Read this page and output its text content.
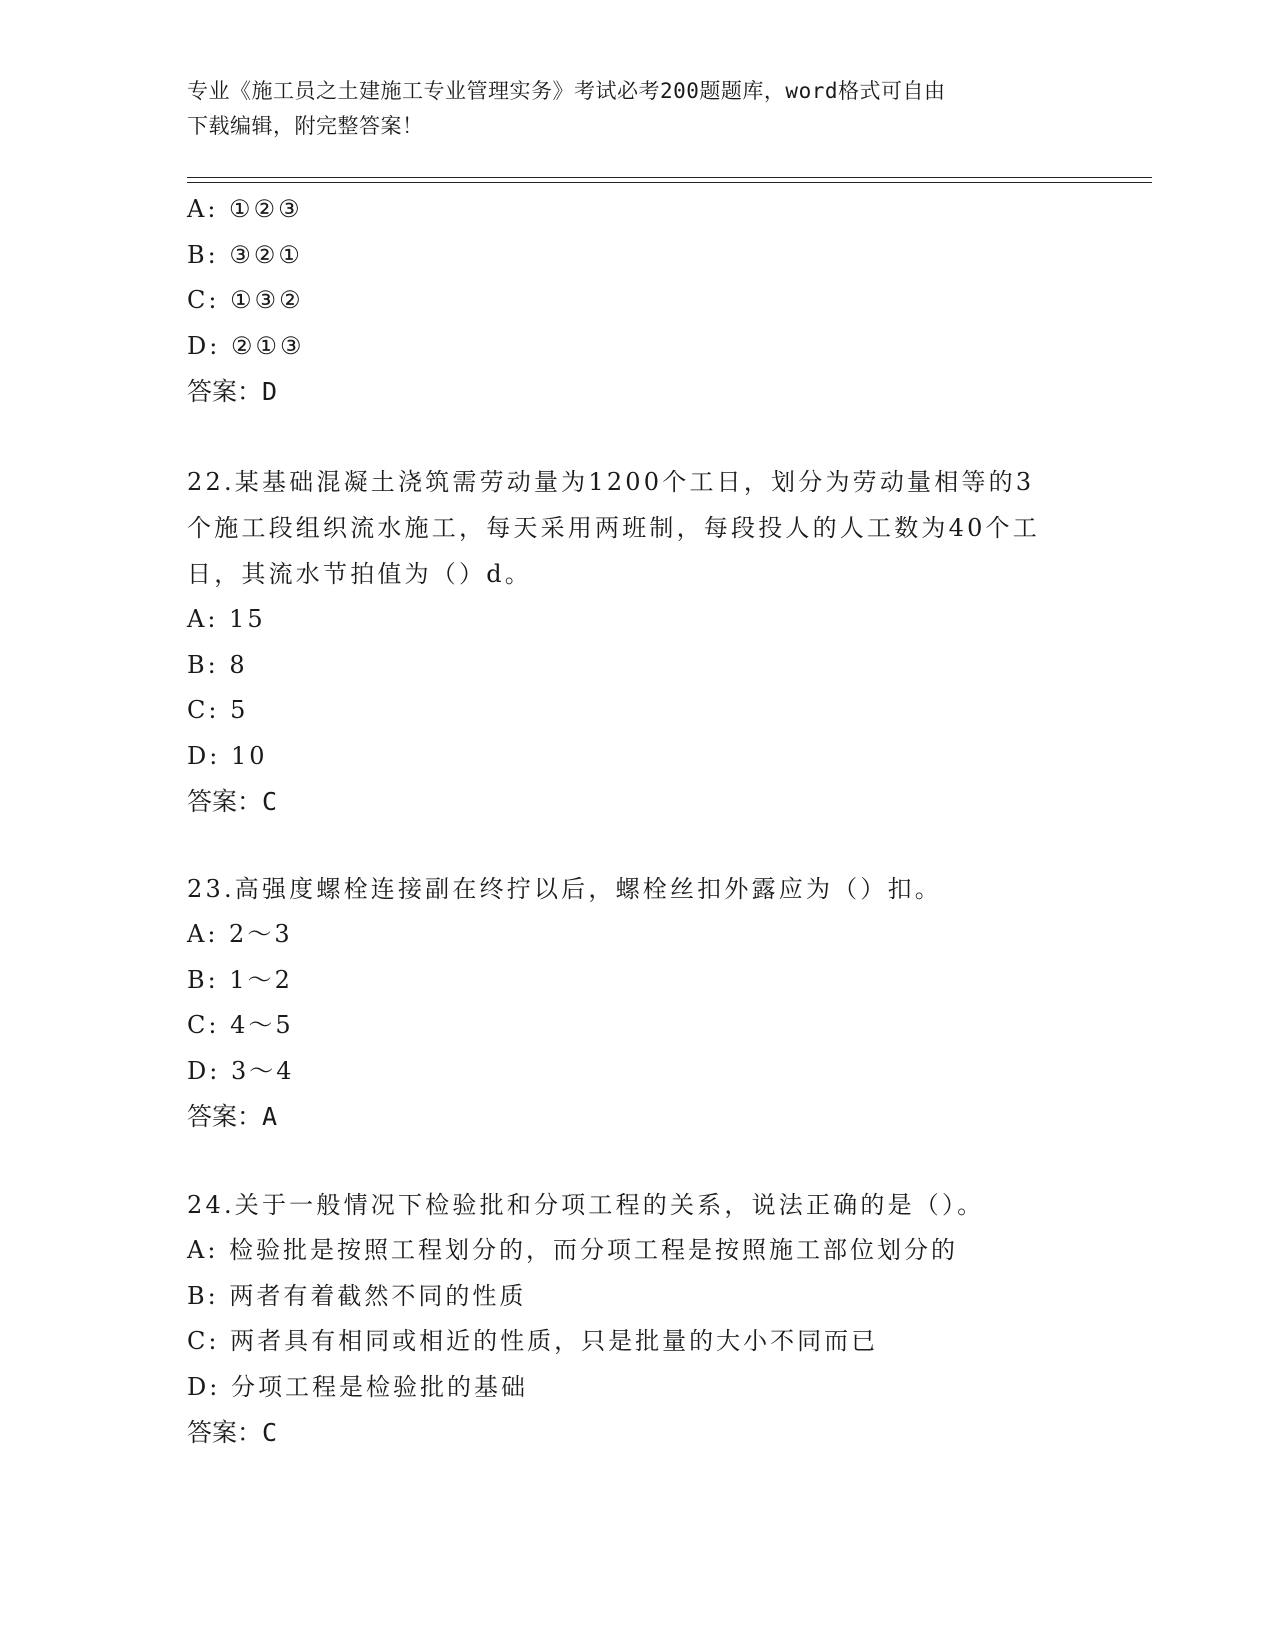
专业《施工员之土建施工专业管理实务》考试必考200题题库，word格式可自由
下载编辑，附完整答案！
A: ①②③
B: ③②①
C: ①③②
D: ②①③
答案：D
22.某基础混凝土浇筑需劳动量为1200个工日，划分为劳动量相等的3个施工段组织流水施工，每天采用两班制，每段投人的人工数为40个工日，其流水节拍值为（）d。
A: 15
B: 8
C: 5
D: 10
答案：C
23.高强度螺栓连接副在终拧以后，螺栓丝扣外露应为（）扣。
A: 2～3
B: 1～2
C: 4～5
D: 3～4
答案：A
24.关于一般情况下检验批和分项工程的关系，说法正确的是（）。
A: 检验批是按照工程划分的，而分项工程是按照施工部位划分的
B: 两者有着截然不同的性质
C: 两者具有相同或相近的性质，只是批量的大小不同而已
D: 分项工程是检验批的基础
答案：C
